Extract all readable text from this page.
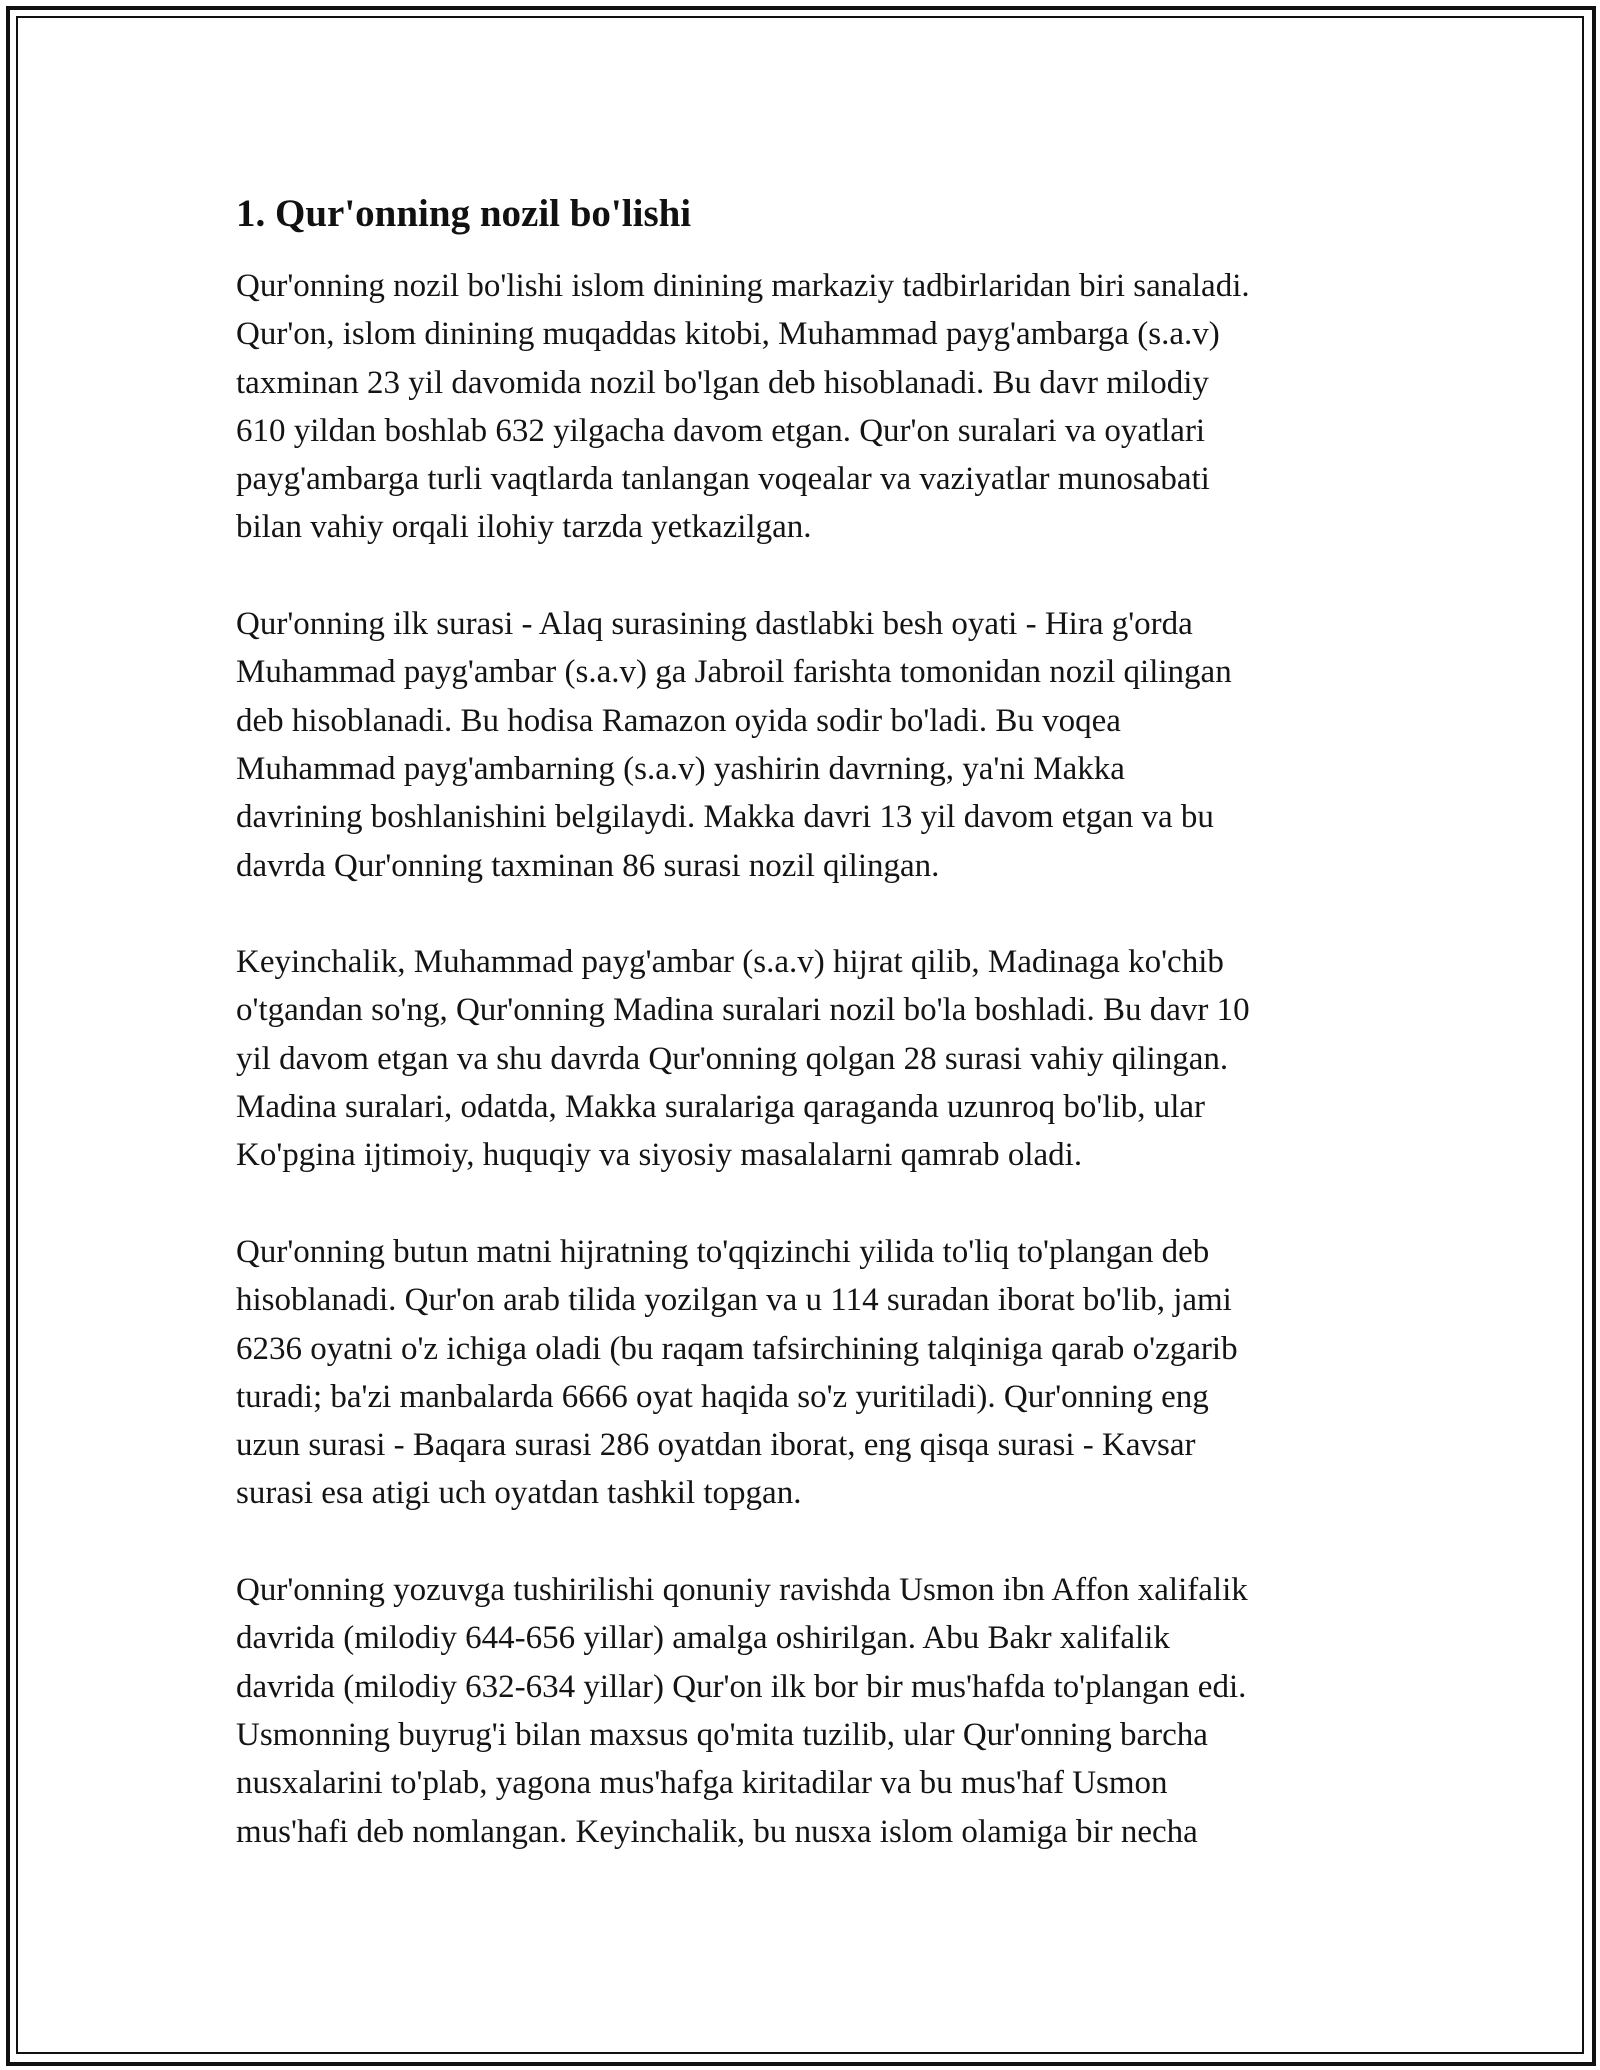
1. Qur'onning nozil bo'lishi

Qur'onning nozil bo'lishi islom dinining markaziy tadbirlaridan biri sanaladi.
Qur'on, islom dinining muqaddas kitobi, Muhammad payg'ambarga (s.a.v)
taxminan 23 yil davomida nozil bo'lgan deb hisoblanadi. Bu davr milodiy
610 yildan boshlab 632 yilgacha davom etgan. Qur'on suralari va oyatlari
payg'ambarga turli vaqtlarda tanlangan voqealar va vaziyatlar munosabati
bilan vahiy orqali ilohiy tarzda yetkazilgan.

Qur'onning ilk surasi - Alaq surasining dastlabki besh oyati - Hira g'orda
Muhammad payg'ambar (s.a.v) ga Jabroil farishta tomonidan nozil qilingan
deb hisoblanadi. Bu hodisa Ramazon oyida sodir bo'ladi. Bu voqea
Muhammad payg'ambarning (s.a.v) yashirin davrning, ya'ni Makka
davrining boshlanishini belgilaydi. Makka davri 13 yil davom etgan va bu
davrda Qur'onning taxminan 86 surasi nozil qilingan.

Keyinchalik, Muhammad payg'ambar (s.a.v) hijrat qilib, Madinaga ko'chib
o'tgandan so'ng, Qur'onning Madina suralari nozil bo'la boshladi. Bu davr 10
yil davom etgan va shu davrda Qur'onning qolgan 28 surasi vahiy qilingan.
Madina suralari, odatda, Makka suralariga qaraganda uzunroq bo'lib, ular
Ko'pgina ijtimoiy, huquqiy va siyosiy masalalarni qamrab oladi.

Qur'onning butun matni hijratning to'qqizinchi yilida to'liq to'plangan deb
hisoblanadi. Qur'on arab tilida yozilgan va u 114 suradan iborat bo'lib, jami
6236 oyatni o'z ichiga oladi (bu raqam tafsirchining talqiniga qarab o'zgarib
turadi; ba'zi manbalarda 6666 oyat haqida so'z yuritiladi). Qur'onning eng
uzun surasi - Baqara surasi 286 oyatdan iborat, eng qisqa surasi - Kavsar
surasi esa atigi uch oyatdan tashkil topgan.

Qur'onning yozuvga tushirilishi qonuniy ravishda Usmon ibn Affon xalifalik
davrida (milodiy 644-656 yillar) amalga oshirilgan. Abu Bakr xalifalik
davrida (milodiy 632-634 yillar) Qur'on ilk bor bir mus'hafda to'plangan edi.
Usmonning buyrug'i bilan maxsus qo'mita tuzilib, ular Qur'onning barcha
nusxalarini to'plab, yagona mus'hafga kiritadilar va bu mus'haf Usmon
mus'hafi deb nomlangan. Keyinchalik, bu nusxa islom olamiga bir necha
